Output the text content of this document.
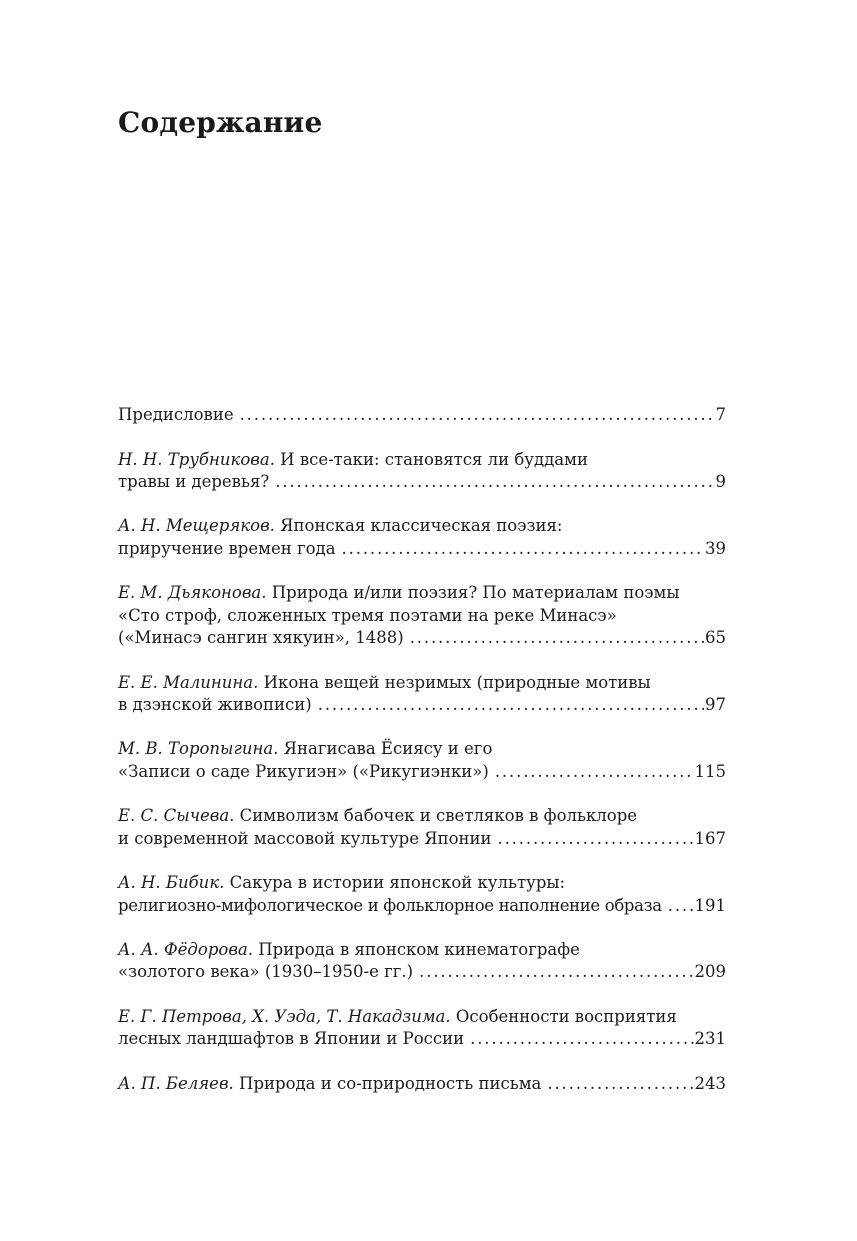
Содержание
Предисловие . . .	7
Н. Н. Трубникова. И все-таки: становятся ли буддами
травы и деревья? . . .	9
А. Н. Мещеряков. Японская классическая поэзия:
приручение времен года . . .	39
Е. М. Дьяконова. Природа и/или поэзия? По материалам поэмы
«Сто строф, сложенных тремя поэтами на реке Минасэ»
(«Минасэ сангин хякуин», 1488) . . .	65
Е. Е. Малинина. Икона вещей незримых (природные мотивы
в дзэнской живописи) . . .	97
М. В. Торопыгина. Янагисава Ёсиясу и его
«Записи о саде Рикугиэн» («Рикугиэнки») . . .	115
Е. С. Сычева. Символизм бабочек и светляков в фольклоре
и современной массовой культуре Японии . . .	167
А. Н. Бибик. Сакура в истории японской культуры:
религиозно-мифологическое и фольклорное наполнение образа . . . 191
А. А. Фёдорова. Природа в японском кинематографе
«золотого века» (1930–1950-е гг.) . . .	209
Е. Г. Петрова, Х. Уэда, Т. Накадзима. Особенности восприятия
лесных ландшафтов в Японии и России . . .	231
А. П. Беляев. Природа и со-природность письма . . .	243
